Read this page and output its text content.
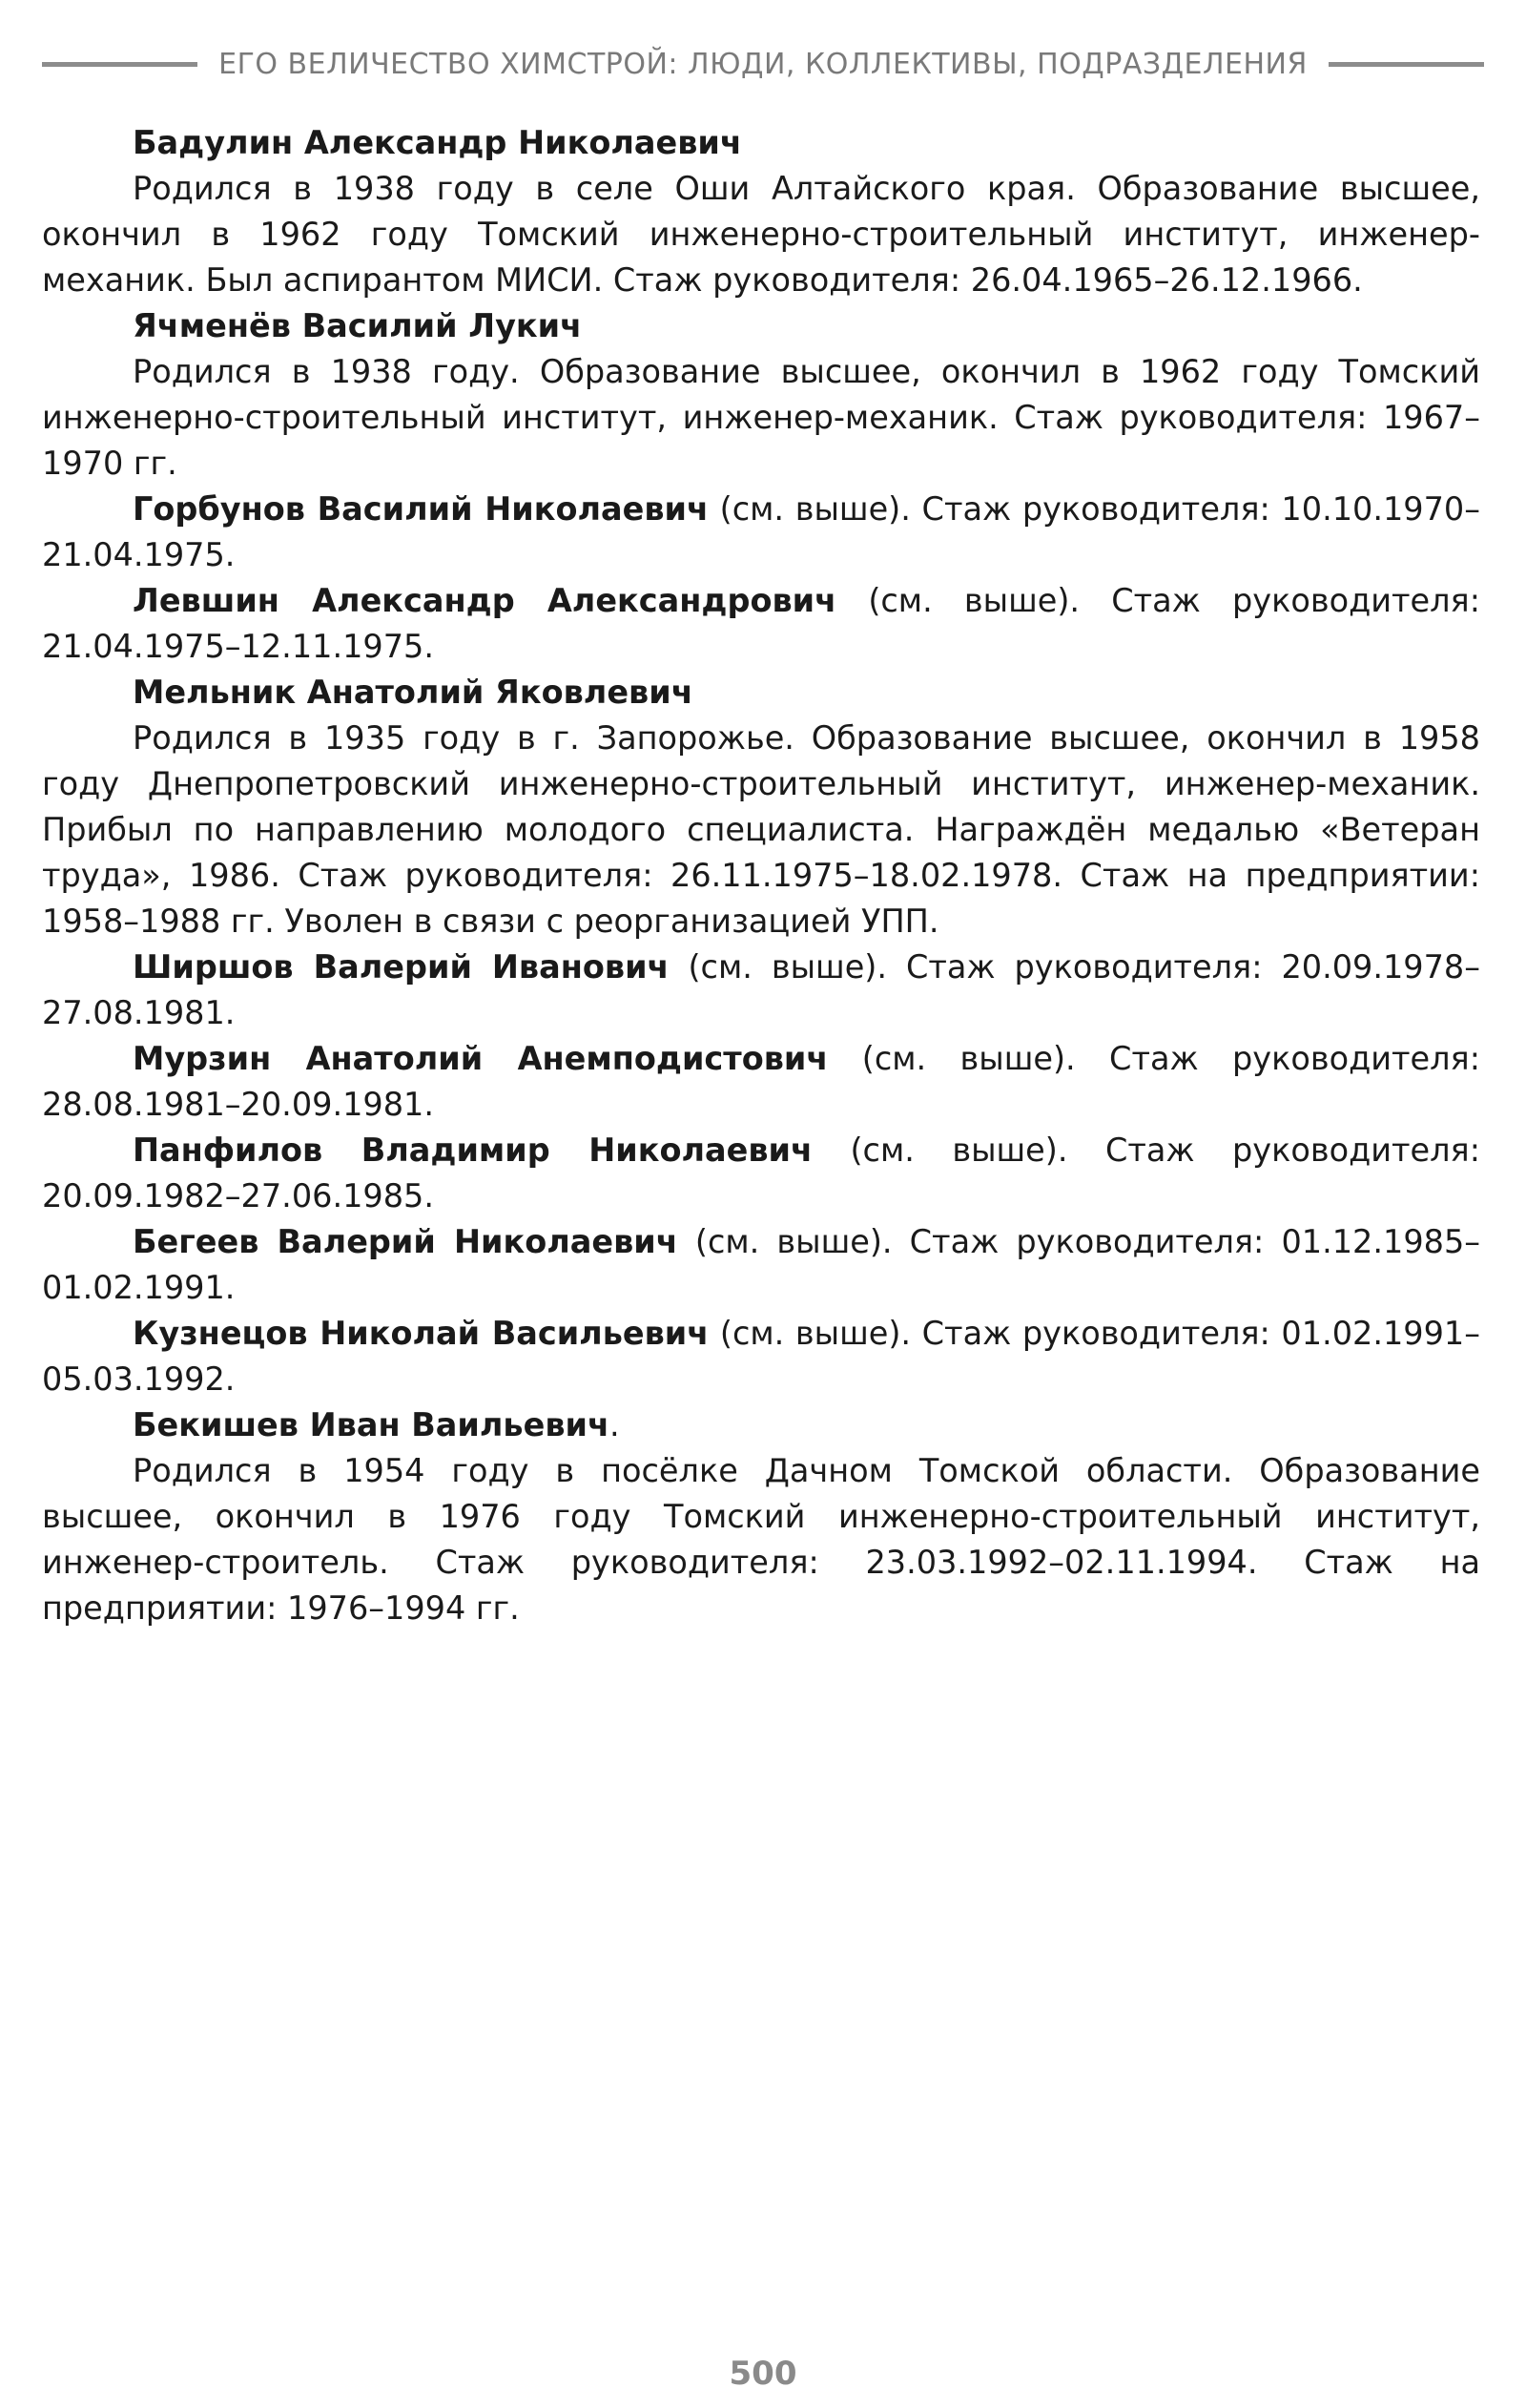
ЕГО ВЕЛИЧЕСТВО ХИМСТРОЙ: ЛЮДИ, КОЛЛЕКТИВЫ, ПОДРАЗДЕЛЕНИЯ

Бадулин Александр Николаевич

Родился в 1938 году в селе Оши Алтайского края. Образование высшее, окончил в 1962 году Томский инженерно-строительный институт, инженер-механик. Был аспирантом МИСИ. Стаж руководителя: 26.04.1965–26.12.1966.

Ячменёв Василий Лукич

Родился в 1938 году. Образование высшее, окончил в 1962 году Томский инженерно-строительный институт, инженер-механик. Стаж руководителя: 1967–1970 гг.

Горбунов Василий Николаевич (см. выше). Стаж руководителя: 10.10.1970–21.04.1975.

Левшин Александр Александрович (см. выше). Стаж руководителя: 21.04.1975–12.11.1975.

Мельник Анатолий Яковлевич

Родился в 1935 году в г. Запорожье. Образование высшее, окончил в 1958 году Днепропетровский инженерно-строительный институт, инженер-механик. Прибыл по направлению молодого специалиста. Награждён медалью «Ветеран труда», 1986. Стаж руководителя: 26.11.1975–18.02.1978. Стаж на предприятии: 1958–1988 гг. Уволен в связи с реорганизацией УПП.

Ширшов Валерий Иванович (см. выше). Стаж руководителя: 20.09.1978–27.08.1981.

Мурзин Анатолий Анемподистович (см. выше). Стаж руководителя: 28.08.1981–20.09.1981.

Панфилов Владимир Николаевич (см. выше). Стаж руководителя: 20.09.1982–27.06.1985.

Бегеев Валерий Николаевич (см. выше). Стаж руководителя: 01.12.1985–01.02.1991.

Кузнецов Николай Васильевич (см. выше). Стаж руководителя: 01.02.1991–05.03.1992.

Бекишев Иван Ваильевич.

Родился в 1954 году в посёлке Дачном Томской области. Образование высшее, окончил в 1976 году Томский инженерно-строительный институт, инженер-строитель. Стаж руководителя: 23.03.1992–02.11.1994. Стаж на предприятии: 1976–1994 гг.

500
